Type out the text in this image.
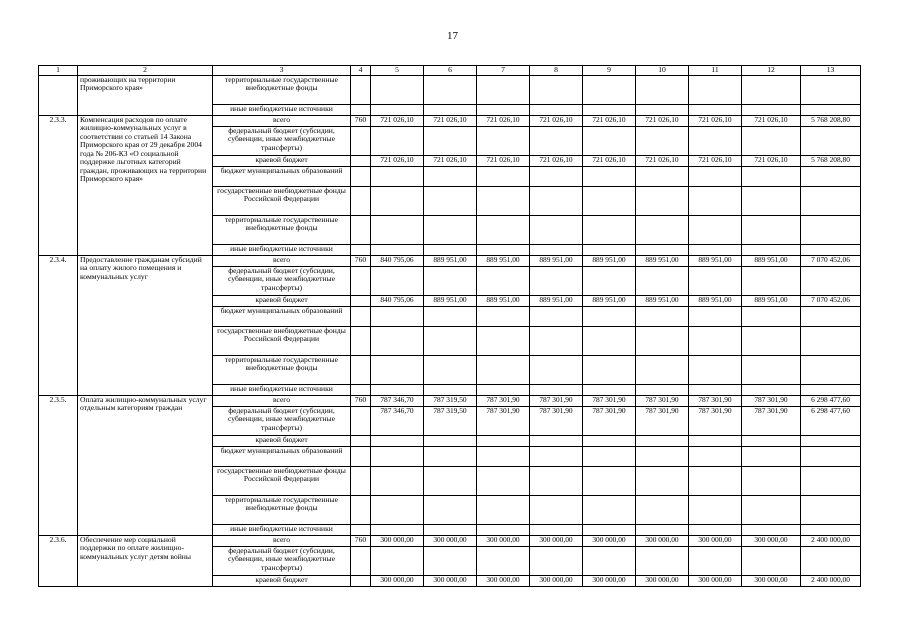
17
1	2	3	4	5	6	7	8	9	10	11	12	13
	проживающих на территории Приморского края»	территориальные государственные внебюджетные фонды										
		иные внебюджетные источники										
2.3.3.	Компенсация расходов по оплате жилищно-коммунальных услуг в соответствии со статьей 14 Закона Приморского края от 29 декабря 2004 года № 206-КЗ «О социальной поддержке льготных категорий граждан, проживающих на территории Приморского края»	всего	760	721 026,10	721 026,10	721 026,10	721 026,10	721 026,10	721 026,10	721 026,10	721 026,10	5 768 208,80
		федеральный бюджет (субсидии, субвенции, иные межбюджетные трансферты)										
		краевой бюджет		721 026,10	721 026,10	721 026,10	721 026,10	721 026,10	721 026,10	721 026,10	721 026,10	5 768 208,80
		бюджет муниципальных образований										
		государственные внебюджетные фонды Российской Федерации										
		территориальные государственные внебюджетные фонды										
		иные внебюджетные источники										
2.3.4.	Предоставление гражданам субсидий на оплату жилого помещения и коммунальных услуг	всего	760	840 795,06	889 951,00	889 951,00	889 951,00	889 951,00	889 951,00	889 951,00	889 951,00	7 070 452,06
		федеральный бюджет (субсидии, субвенции, иные межбюджетные трансферты)										
		краевой бюджет		840 795,06	889 951,00	889 951,00	889 951,00	889 951,00	889 951,00	889 951,00	889 951,00	7 070 452,06
		бюджет муниципальных образований										
		государственные внебюджетные фонды Российской Федерации										
		территориальные государственные внебюджетные фонды										
		иные внебюджетные источники										
2.3.5.	Оплата жилищно-коммунальных услуг отдельным категориям граждан	всего	760	787 346,70	787 319,50	787 301,90	787 301,90	787 301,90	787 301,90	787 301,90	787 301,90	6 298 477,60
		федеральный бюджет (субсидии, субвенции, иные межбюджетные трансферты)		787 346,70	787 319,50	787 301,90	787 301,90	787 301,90	787 301,90	787 301,90	787 301,90	6 298 477,60
		краевой бюджет										
		бюджет муниципальных образований										
		государственные внебюджетные фонды Российской Федерации										
		территориальные государственные внебюджетные фонды										
		иные внебюджетные источники										
2.3.6.	Обеспечение мер социальной поддержки по оплате жилищно-коммунальных услуг детям войны	всего	760	300 000,00	300 000,00	300 000,00	300 000,00	300 000,00	300 000,00	300 000,00	300 000,00	2 400 000,00
		федеральный бюджет (субсидии, субвенции, иные межбюджетные трансферты)										
		краевой бюджет		300 000,00	300 000,00	300 000,00	300 000,00	300 000,00	300 000,00	300 000,00	300 000,00	2 400 000,00
